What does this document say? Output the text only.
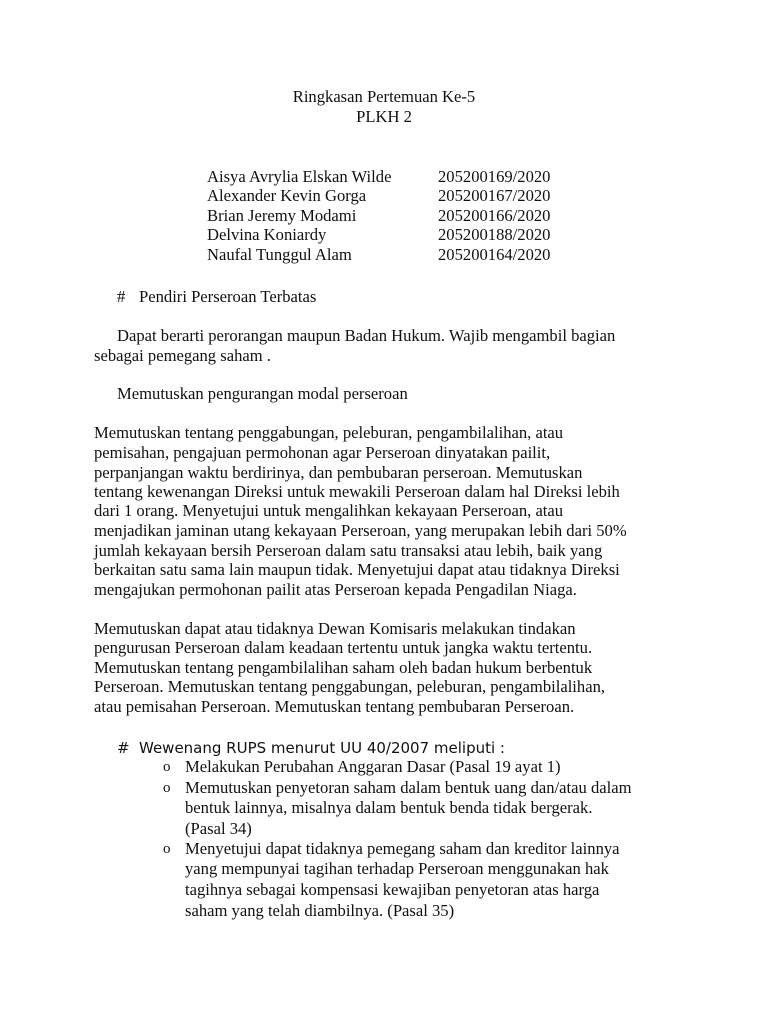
Ringkasan Pertemuan Ke-5
PLKH 2
Aisya Avrylia Elskan Wilde	205200169/2020
Alexander Kevin Gorga	205200167/2020
Brian Jeremy Modami	205200166/2020
Delvina Koniardy	205200188/2020
Naufal Tunggul Alam	205200164/2020
# Pendiri Perseroan Terbatas
Dapat berarti perorangan maupun Badan Hukum. Wajib mengambil bagian
sebagai pemegang saham .
Memutuskan pengurangan modal perseroan
Memutuskan tentang penggabungan, peleburan, pengambilalihan, atau
pemisahan, pengajuan permohonan agar Perseroan dinyatakan pailit,
perpanjangan waktu berdirinya, dan pembubaran perseroan. Memutuskan
tentang kewenangan Direksi untuk mewakili Perseroan dalam hal Direksi lebih
dari 1 orang. Menyetujui untuk mengalihkan kekayaan Perseroan, atau
menjadikan jaminan utang kekayaan Perseroan, yang merupakan lebih dari 50%
jumlah kekayaan bersih Perseroan dalam satu transaksi atau lebih, baik yang
berkaitan satu sama lain maupun tidak. Menyetujui dapat atau tidaknya Direksi
mengajukan permohonan pailit atas Perseroan kepada Pengadilan Niaga.
Memutuskan dapat atau tidaknya Dewan Komisaris melakukan tindakan
pengurusan Perseroan dalam keadaan tertentu untuk jangka waktu tertentu.
Memutuskan tentang pengambilalihan saham oleh badan hukum berbentuk
Perseroan. Memutuskan tentang penggabungan, peleburan, pengambilalihan,
atau pemisahan Perseroan. Memutuskan tentang pembubaran Perseroan.
# Wewenang RUPS menurut UU 40/2007 meliputi :
o Melakukan Perubahan Anggaran Dasar (Pasal 19 ayat 1)
o Memutuskan penyetoran saham dalam bentuk uang dan/atau dalam
bentuk lainnya, misalnya dalam bentuk benda tidak bergerak.
(Pasal 34)
o Menyetujui dapat tidaknya pemegang saham dan kreditor lainnya
yang mempunyai tagihan terhadap Perseroan menggunakan hak
tagihnya sebagai kompensasi kewajiban penyetoran atas harga
saham yang telah diambilnya. (Pasal 35)
